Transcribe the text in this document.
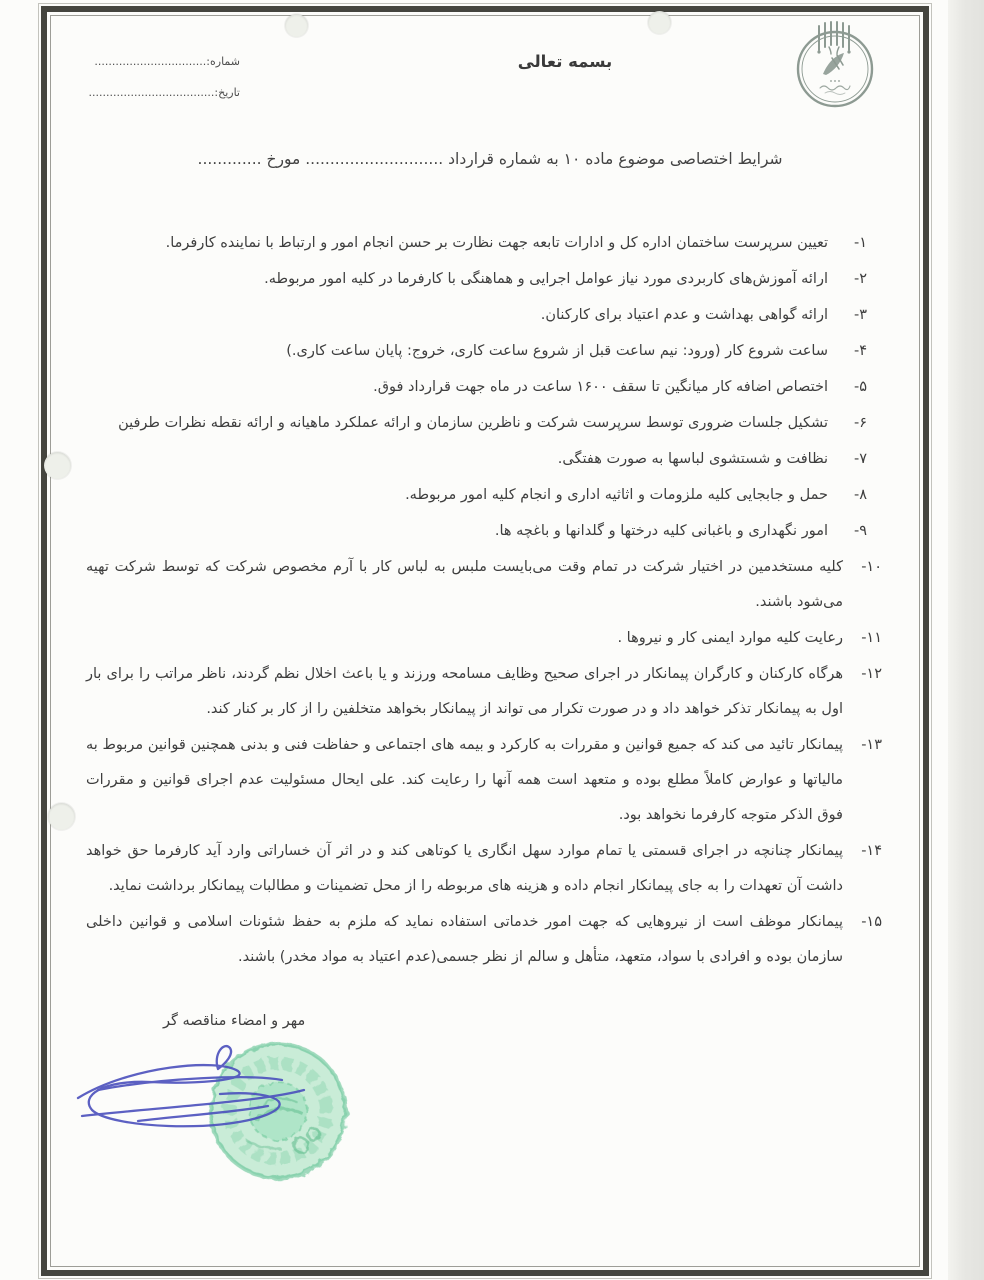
شماره:................................
تاریخ:....................................
بسمه تعالی
شرایط اختصاصی موضوع ماده ۱۰ به شماره قرارداد ............................ مورخ .............
۱-
تعیین سرپرست ساختمان اداره کل و ادارات تابعه جهت نظارت بر حسن انجام امور و ارتباط با نماینده کارفرما.
۲-
ارائه آموزش‌های کاربردی مورد نیاز عوامل اجرایی و هماهنگی با کارفرما در کلیه امور مربوطه.
۳-
ارائه گواهی بهداشت و عدم اعتیاد برای کارکنان.
۴-
ساعت شروع کار (ورود: نیم ساعت قبل از شروع ساعت کاری، خروج: پایان ساعت کاری.)
۵-
اختصاص اضافه کار میانگین تا سقف ۱۶۰۰ ساعت در ماه جهت قرارداد فوق.
۶-
تشکیل جلسات ضروری توسط سرپرست شرکت و ناظرین سازمان و ارائه عملکرد ماهیانه و ارائه نقطه نظرات طرفین
۷-
نظافت و شستشوی لباسها به صورت هفتگی.
۸-
حمل و جابجایی کلیه ملزومات و اثاثیه اداری و انجام کلیه امور مربوطه.
۹-
امور نگهداری و باغبانی کلیه درختها و گلدانها و باغچه ها.
۱۰-
کلیه مستخدمین در اختیار شرکت در تمام وقت می‌بایست ملبس به لباس کار با آرم مخصوص شرکت که توسط شرکت تهیه می‌شود باشند.
۱۱-
رعایت کلیه موارد ایمنی کار و نیروها .
۱۲-
هرگاه کارکنان و کارگران پیمانکار در اجرای صحیح وظایف مسامحه ورزند و یا باعث اخلال نظم گردند، ناظر مراتب را برای بار اول به پیمانکار تذکر خواهد داد و در صورت تکرار می تواند از پیمانکار بخواهد متخلفین را از کار بر کنار کند.
۱۳-
پیمانکار تائید می کند که جمیع قوانین و مقررات به کارکرد و بیمه های اجتماعی و حفاظت فنی و بدنی همچنین قوانین مربوط به مالیاتها و عوارض کاملاً مطلع بوده و متعهد است همه آنها را رعایت کند. علی ایحال مسئولیت عدم اجرای قوانین و مقررات فوق الذکر متوجه کارفرما نخواهد بود.
۱۴-
پیمانکار چنانچه در اجرای قسمتی یا تمام موارد سهل انگاری یا کوتاهی کند و در اثر آن خساراتی وارد آید کارفرما حق خواهد داشت آن تعهدات را به جای پیمانکار انجام داده و هزینه های مربوطه را از محل تضمینات و مطالبات پیمانکار برداشت نماید.
۱۵-
پیمانکار موظف است از نیروهایی که جهت امور خدماتی استفاده نماید که ملزم به حفظ شئونات اسلامی و قوانین داخلی سازمان بوده و افرادی با سواد، متعهد، متأهل و سالم از نظر جسمی(عدم اعتیاد به مواد مخدر) باشند.
مهر و امضاء مناقصه گر
